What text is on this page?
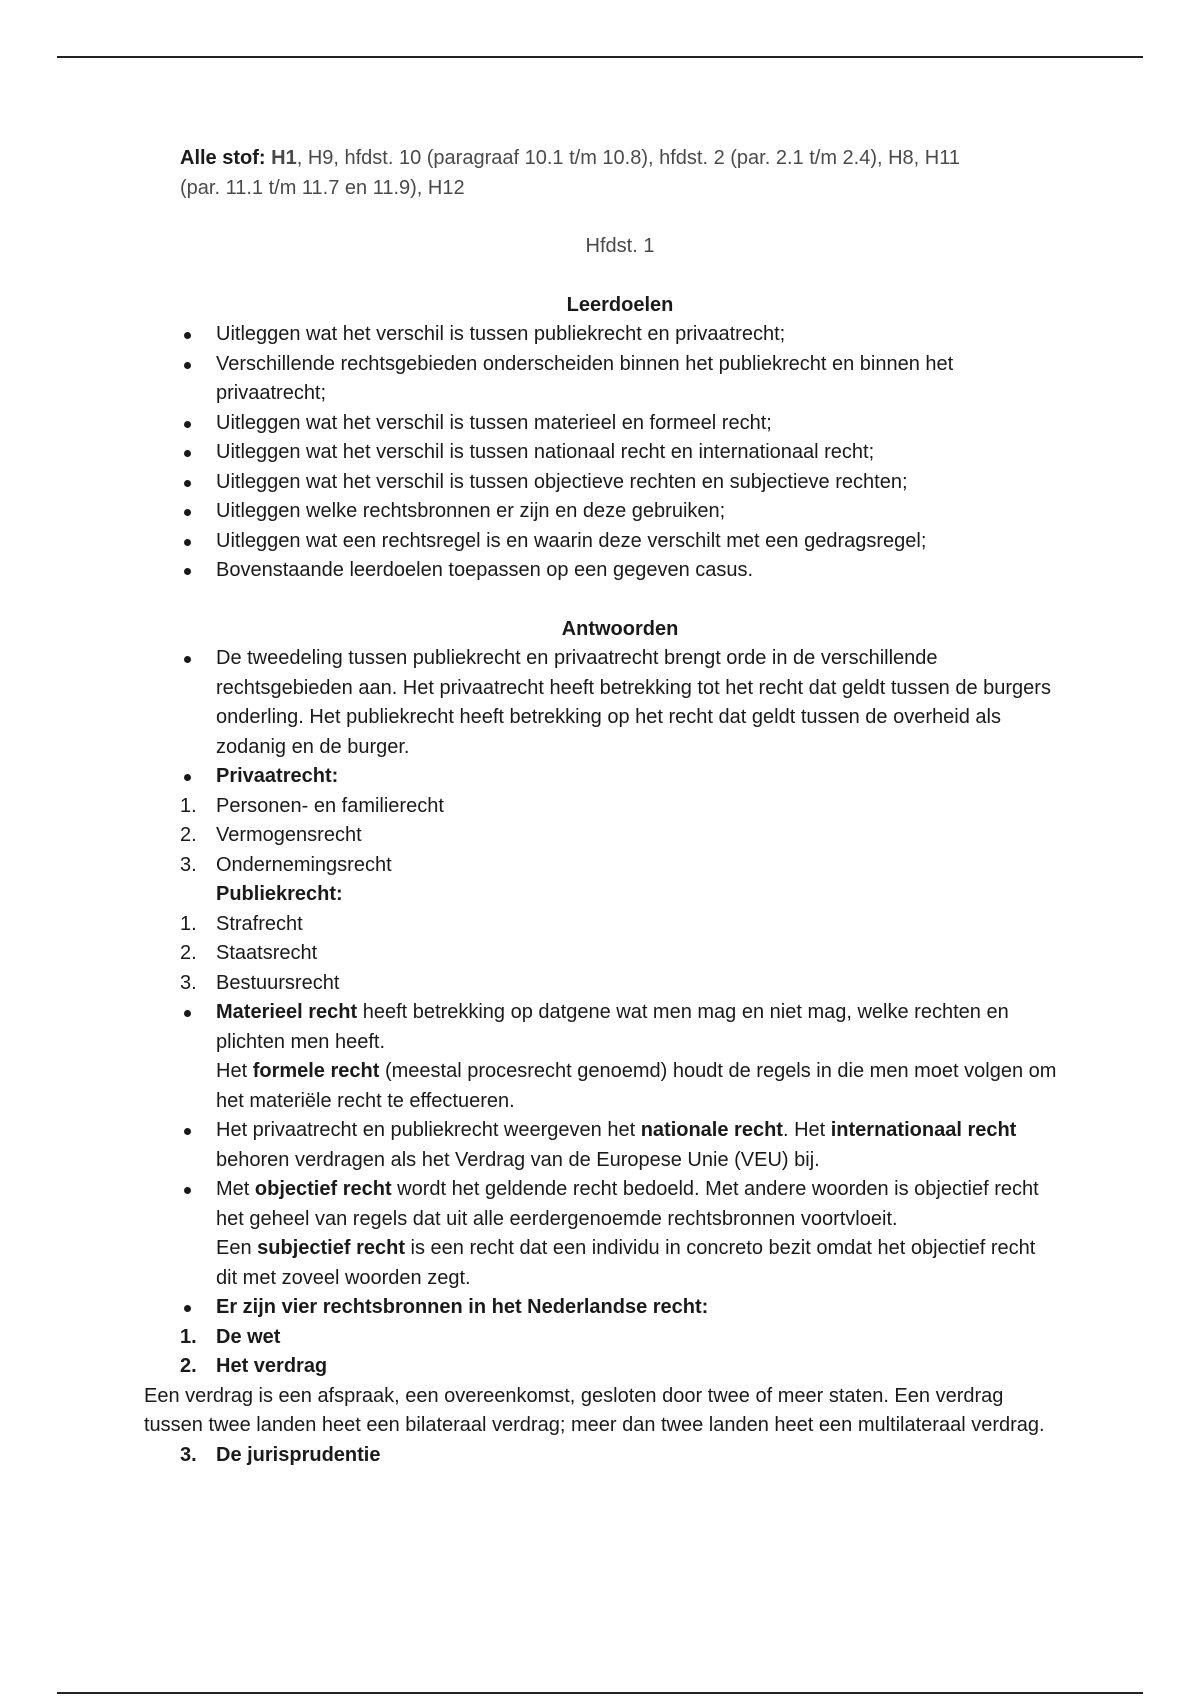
Alle stof: H1, H9, hfdst. 10 (paragraaf 10.1 t/m 10.8), hfdst. 2 (par. 2.1 t/m 2.4), H8, H11
(par. 11.1 t/m 11.7 en 11.9), H12

Hfdst. 1

Leerdoelen

Uitleggen wat het verschil is tussen publiekrecht en privaatrecht;
Verschillende rechtsgebieden onderscheiden binnen het publiekrecht en binnen het privaatrecht;
Uitleggen wat het verschil is tussen materieel en formeel recht;
Uitleggen wat het verschil is tussen nationaal recht en internationaal recht;
Uitleggen wat het verschil is tussen objectieve rechten en subjectieve rechten;
Uitleggen welke rechtsbronnen er zijn en deze gebruiken;
Uitleggen wat een rechtsregel is en waarin deze verschilt met een gedragsregel;
Bovenstaande leerdoelen toepassen op een gegeven casus.

Antwoorden

De tweedeling tussen publiekrecht en privaatrecht brengt orde in de verschillende rechtsgebieden aan. Het privaatrecht heeft betrekking tot het recht dat geldt tussen de burgers onderling. Het publiekrecht heeft betrekking op het recht dat geldt tussen de overheid als zodanig en de burger.
Privaatrecht:
1. Personen- en familierecht
2. Vermogensrecht
3. Ondernemingsrecht

Publiekrecht:

1. Strafrecht
2. Staatsrecht
3. Bestuursrecht
Materieel recht heeft betrekking op datgene wat men mag en niet mag, welke rechten en plichten men heeft.
Het formele recht (meestal procesrecht genoemd) houdt de regels in die men moet volgen om het materiële recht te effectueren.
Het privaatrecht en publiekrecht weergeven het nationale recht. Het internationaal recht behoren verdragen als het Verdrag van de Europese Unie (VEU) bij.
Met objectief recht wordt het geldende recht bedoeld. Met andere woorden is objectief recht het geheel van regels dat uit alle eerdergenoemde rechtsbronnen voortvloeit.

Een subjectief recht is een recht dat een individu in concreto bezit omdat het objectief recht dit met zoveel woorden zegt.

Er zijn vier rechtsbronnen in het Nederlandse recht:
1. De wet
2. Het verdrag

Een verdrag is een afspraak, een overeenkomst, gesloten door twee of meer staten. Een verdrag tussen twee landen heet een bilateraal verdrag; meer dan twee landen heet een multilateraal verdrag.

3. De jurisprudentie
